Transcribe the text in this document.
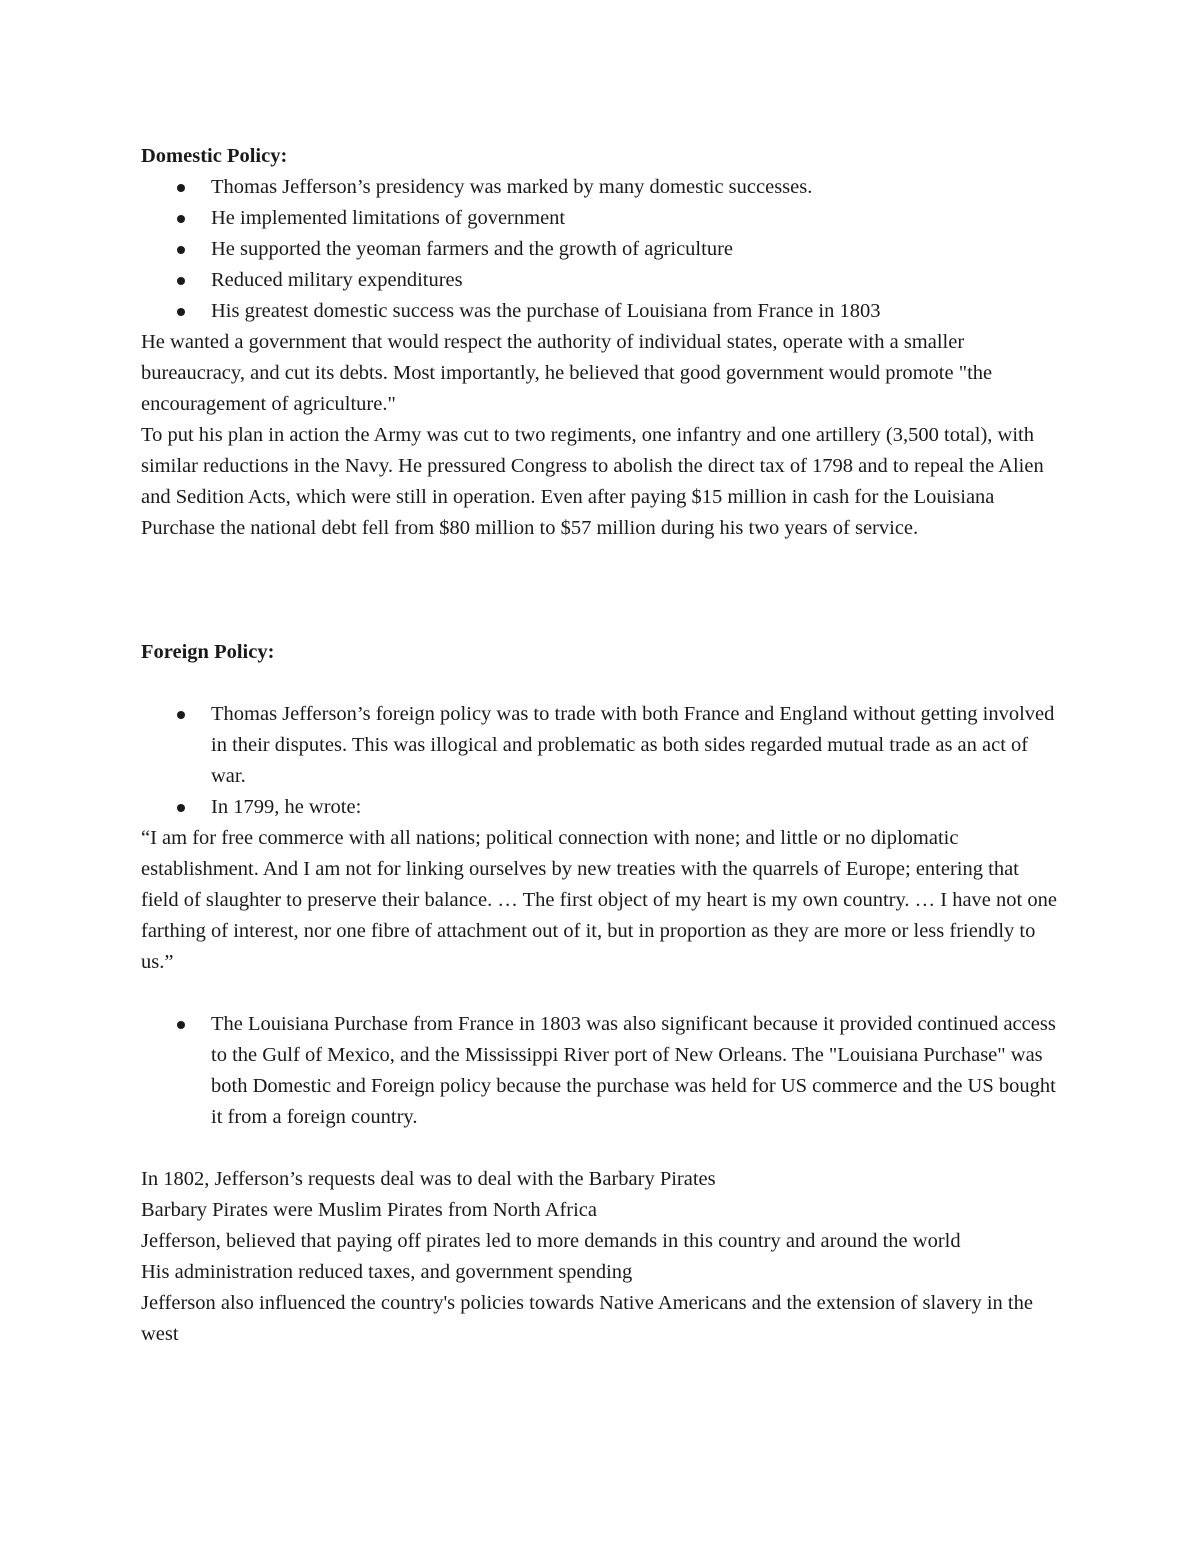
Domestic Policy:

Thomas Jefferson’s presidency was marked by many domestic successes.
He implemented limitations of government
He supported the yeoman farmers and the growth of agriculture
Reduced military expenditures
His greatest domestic success was the purchase of Louisiana from France in 1803

He wanted a government that would respect the authority of individual states, operate with a smaller bureaucracy, and cut its debts. Most importantly, he believed that good government would promote "the encouragement of agriculture."

To put his plan in action the Army was cut to two regiments, one infantry and one artillery (3,500 total), with similar reductions in the Navy. He pressured Congress to abolish the direct tax of 1798 and to repeal the Alien and Sedition Acts, which were still in operation. Even after paying $15 million in cash for the Louisiana Purchase the national debt fell from $80 million to $57 million during his two years of service.

Foreign Policy:

Thomas Jefferson’s foreign policy was to trade with both France and England without getting involved in their disputes. This was illogical and problematic as both sides regarded mutual trade as an act of war.
In 1799, he wrote:

“I am for free commerce with all nations; political connection with none; and little or no diplomatic establishment. And I am not for linking ourselves by new treaties with the quarrels of Europe; entering that field of slaughter to preserve their balance. … The first object of my heart is my own country. … I have not one farthing of interest, nor one fibre of attachment out of it, but in proportion as they are more or less friendly to us.”

The Louisiana Purchase from France in 1803 was also significant because it provided continued access to the Gulf of Mexico, and the Mississippi River port of New Orleans. The "Louisiana Purchase" was both Domestic and Foreign policy because the purchase was held for US commerce and the US bought it from a foreign country.

In 1802, Jefferson’s requests deal was to deal with the Barbary Pirates

Barbary Pirates were Muslim Pirates from North Africa

Jefferson, believed that paying off pirates led to more demands in this country and around the world

His administration reduced taxes, and government spending

Jefferson also influenced the country's policies towards Native Americans and the extension of slavery in the west
